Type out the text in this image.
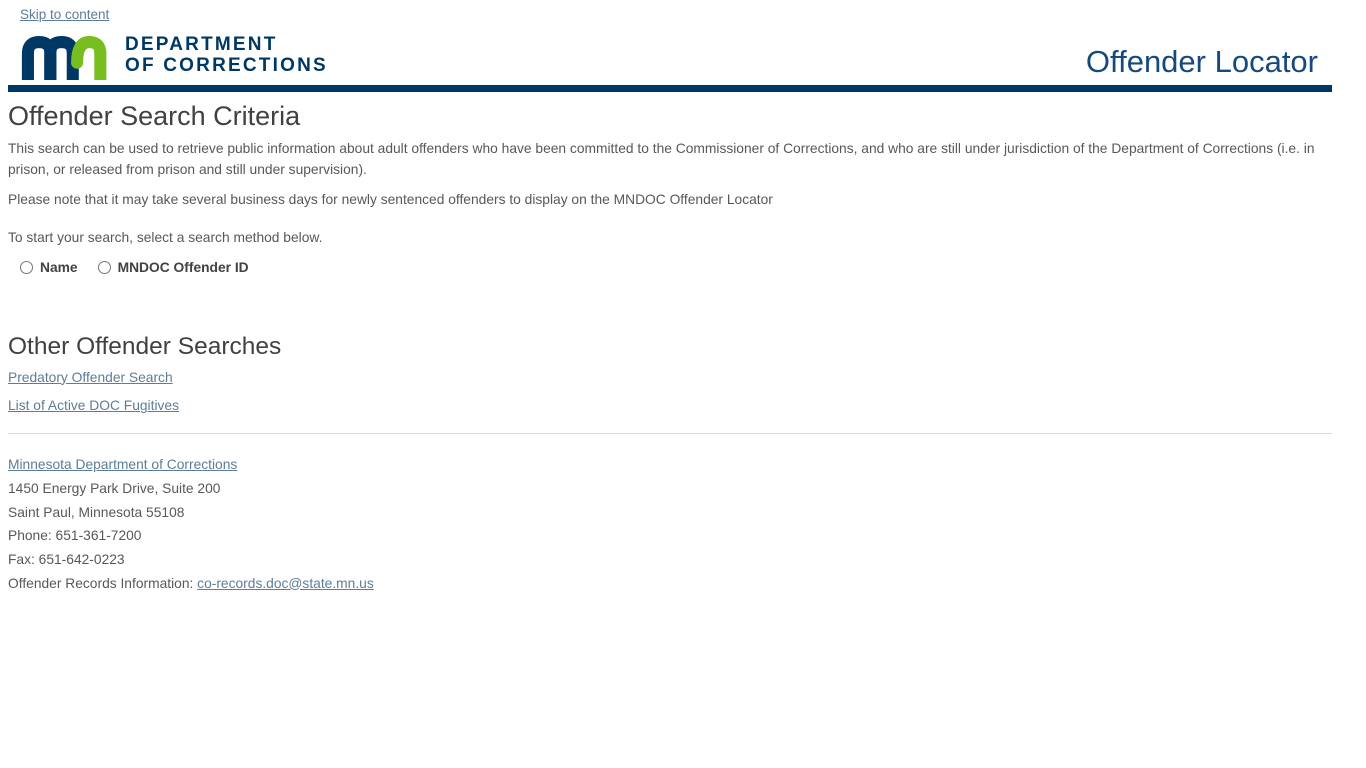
Skip to content
DEPARTMENT
OF CORRECTIONS	Offender Locator
Offender Search Criteria

This search can be used to retrieve public information about adult offenders who have been committed to the Commissioner of Corrections, and who are still under jurisdiction of the Department of Corrections (i.e. in prison, or released from prison and still under supervision).

Please note that it may take several business days for newly sentenced offenders to display on the MNDOC Offender Locator

To start your search, select a search method below.

Name	MNDOC Offender ID
Other Offender Searches

Predatory Offender Search

List of Active DOC Fugitives

Minnesota Department of Corrections

1450 Energy Park Drive, Suite 200

Saint Paul, Minnesota 55108

Phone: 651-361-7200

Fax: 651-642-0223

Offender Records Information: co-records.doc@state.mn.us
